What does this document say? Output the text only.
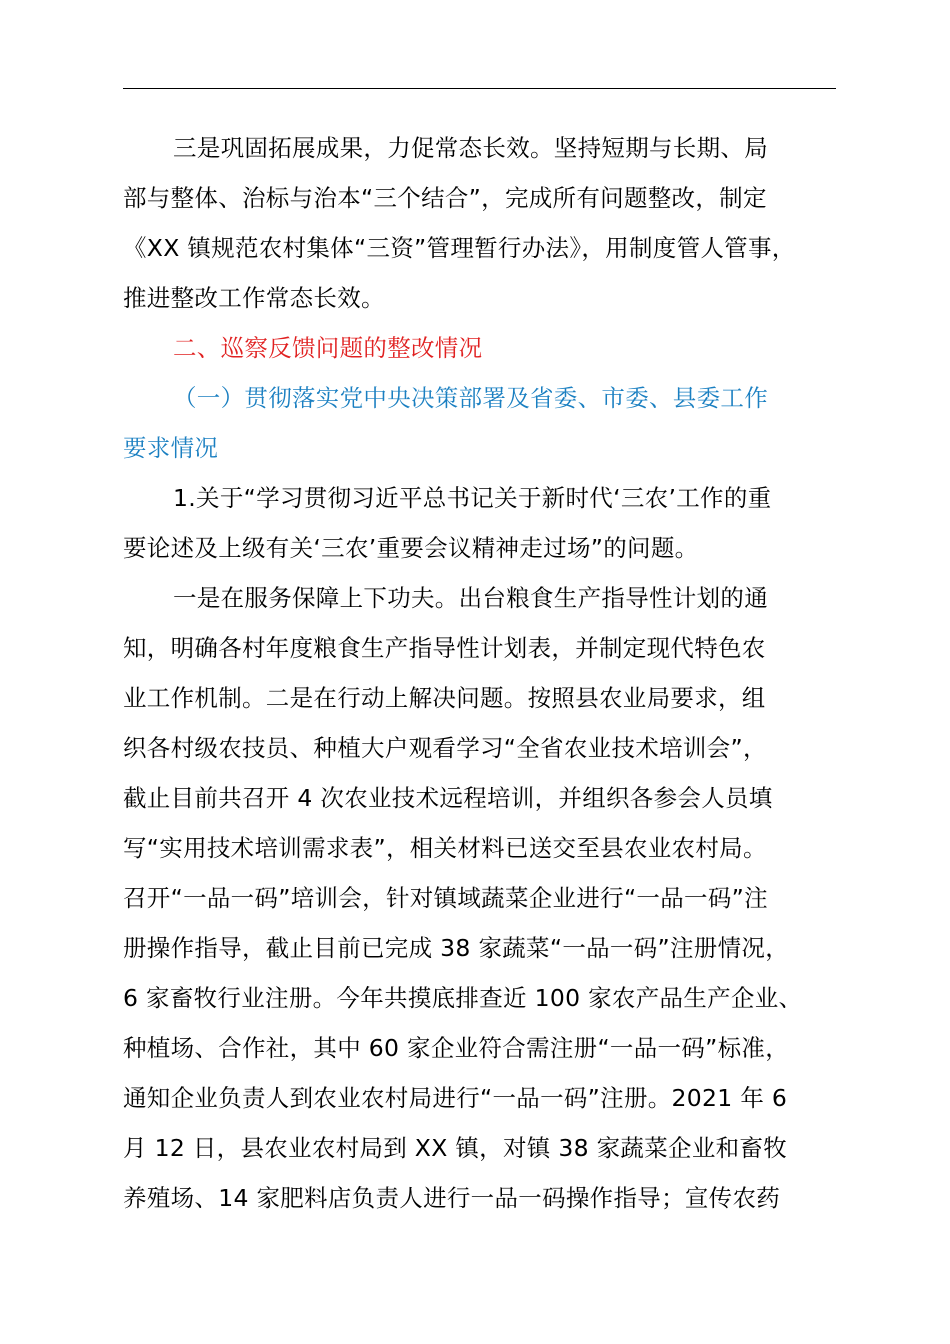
三是巩固拓展成果，力促常态长效。坚持短期与长期、局
部与整体、治标与治本“三个结合”，完成所有问题整改，制定
《XX 镇规范农村集体“三资”管理暂行办法》，用制度管人管事，
推进整改工作常态长效。
二、巡察反馈问题的整改情况
（一）贯彻落实党中央决策部署及省委、市委、县委工作
要求情况
1.关于“学习贯彻习近平总书记关于新时代‘三农’工作的重
要论述及上级有关‘三农’重要会议精神走过场”的问题。
一是在服务保障上下功夫。出台粮食生产指导性计划的通
知，明确各村年度粮食生产指导性计划表，并制定现代特色农
业工作机制。二是在行动上解决问题。按照县农业局要求，组
织各村级农技员、种植大户观看学习“全省农业技术培训会”，
截止目前共召开 4 次农业技术远程培训，并组织各参会人员填
写“实用技术培训需求表”，相关材料已送交至县农业农村局。
召开“一品一码”培训会，针对镇域蔬菜企业进行“一品一码”注
册操作指导，截止目前已完成 38 家蔬菜“一品一码”注册情况，
6 家畜牧行业注册。今年共摸底排查近 100 家农产品生产企业、
种植场、合作社，其中 60 家企业符合需注册“一品一码”标准，
通知企业负责人到农业农村局进行“一品一码”注册。2021 年 6
月 12 日，县农业农村局到 XX 镇，对镇 38 家蔬菜企业和畜牧
养殖场、14 家肥料店负责人进行一品一码操作指导；宣传农药
